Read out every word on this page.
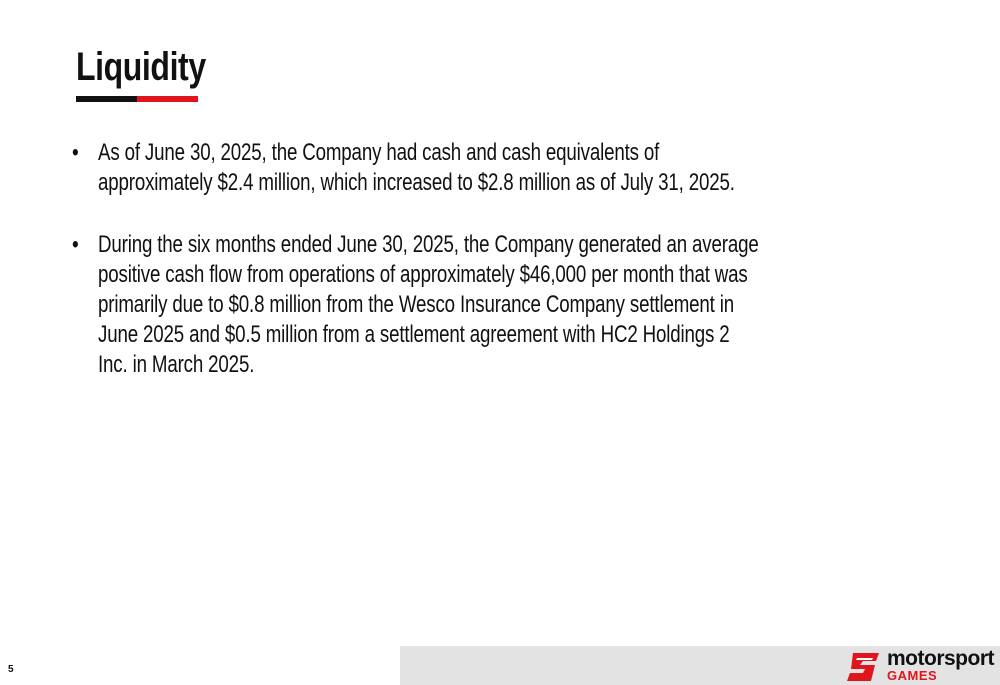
Liquidity
• As of June 30, 2025, the Company had cash and cash equivalents of approximately $2.4 million, which increased to $2.8 million as of July 31, 2025.
• During the six months ended June 30, 2025, the Company generated an average positive cash flow from operations of approximately $46,000 per month that was primarily due to $0.8 million from the Wesco Insurance Company settlement in June 2025 and $0.5 million from a settlement agreement with HC2 Holdings 2 Inc. in March 2025.
5	motorsport
GAMES
